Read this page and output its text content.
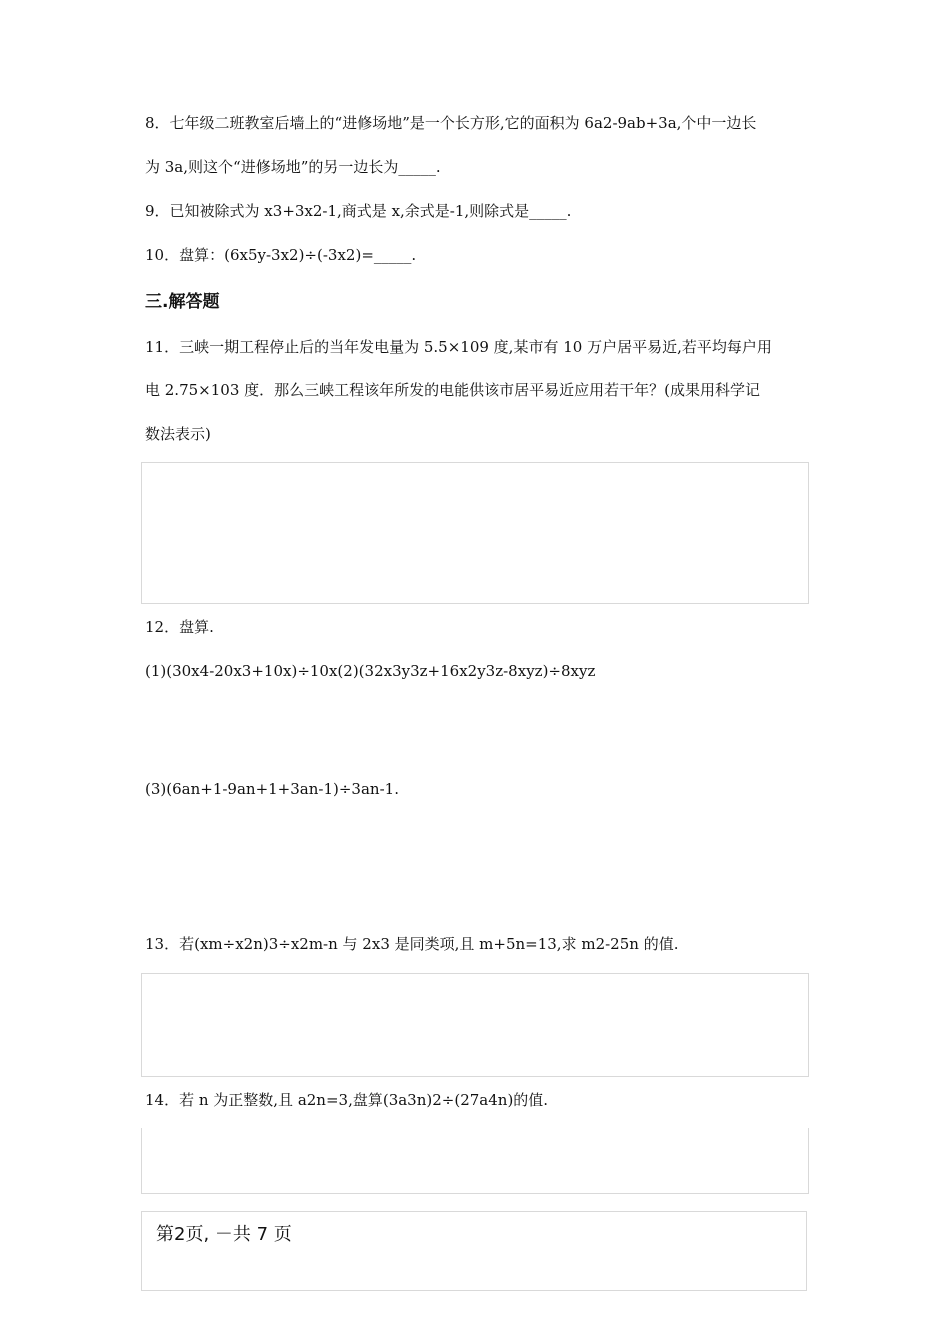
8．七年级二班教室后墙上的“进修场地”是一个长方形,它的面积为 6a2-9ab+3a,个中一边长
为 3a,则这个“进修场地”的另一边长为_____.
9．已知被除式为 x3+3x2-1,商式是 x,余式是-1,则除式是_____.
10．盘算：(6x5y-3x2)÷(-3x2)=_____.
三.解答题
11．三峡一期工程停止后的当年发电量为 5.5×109 度,某市有 10 万户居平易近,若平均每户用
电 2.75×103 度．那么三峡工程该年所发的电能供该市居平易近应用若干年？(成果用科学记
数法表示)
12．盘算.
(1)(30x4-20x3+10x)÷10x(2)(32x3y3z+16x2y3z-8xyz)÷8xyz
(3)(6an+1-9an+1+3an-1)÷3an-1.
13．若(xm÷x2n)3÷x2m-n 与 2x3 是同类项,且 m+5n=13,求 m2-25n 的值.
14．若 n 为正整数,且 a2n=3,盘算(3a3n)2÷(27a4n)的值.
第2页, －共 7 页
